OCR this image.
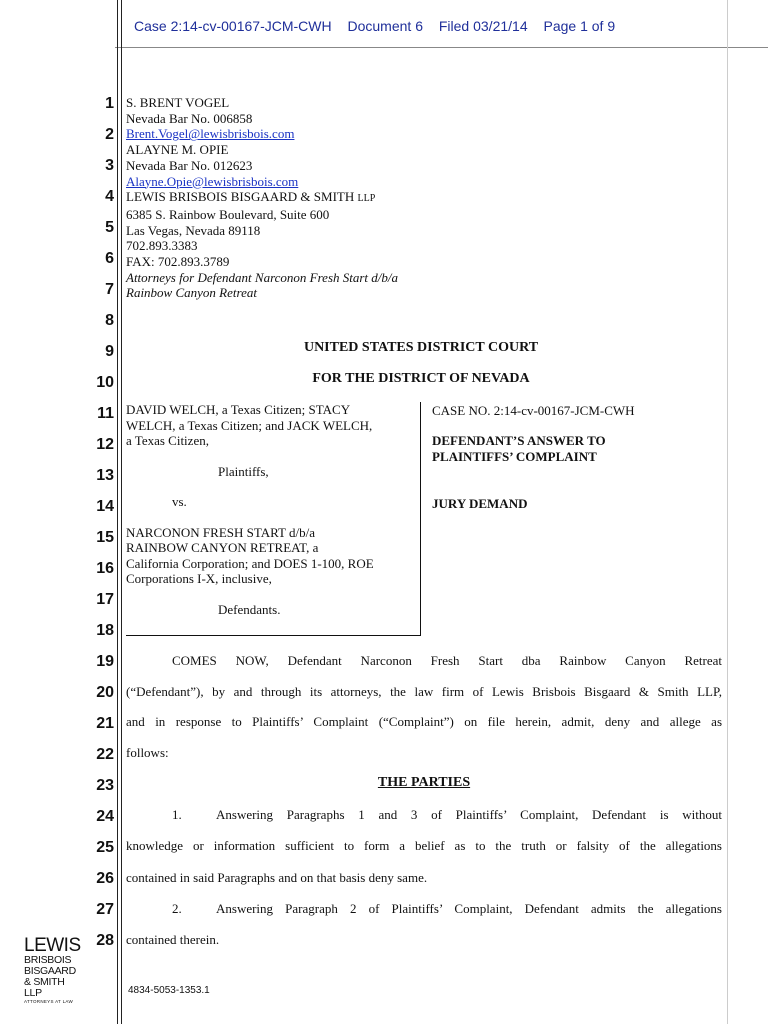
Case 2:14-cv-00167-JCM-CWH Document 6 Filed 03/21/14 Page 1 of 9
1
2
3
4
5
6
7
8
9
10
11
12
13
14
15
16
17
18
19
20
21
22
23
24
25
26
27
28
S. BRENT VOGEL
Nevada Bar No. 006858
Brent.Vogel@lewisbrisbois.com
ALAYNE M. OPIE
Nevada Bar No. 012623
Alayne.Opie@lewisbrisbois.com
LEWIS BRISBOIS BISGAARD & SMITH LLP
6385 S. Rainbow Boulevard, Suite 600
Las Vegas, Nevada 89118
702.893.3383
FAX: 702.893.3789
Attorneys for Defendant Narconon Fresh Start d/b/a
Rainbow Canyon Retreat
UNITED STATES DISTRICT COURT
FOR THE DISTRICT OF NEVADA
DAVID WELCH, a Texas Citizen; STACY
WELCH, a Texas Citizen; and JACK WELCH,
a Texas Citizen,
Plaintiffs,
vs.
NARCONON FRESH START d/b/a
RAINBOW CANYON RETREAT, a
California Corporation; and DOES 1-100, ROE
Corporations I-X, inclusive,
Defendants.
CASE NO. 2:14-cv-00167-JCM-CWH
DEFENDANT’S ANSWER TO
PLAINTIFFS’ COMPLAINT
JURY DEMAND
COMES NOW, Defendant Narconon Fresh Start dba Rainbow Canyon Retreat
(“Defendant”), by and through its attorneys, the law firm of Lewis Brisbois Bisgaard & Smith LLP,
and in response to Plaintiffs’ Complaint (“Complaint”) on file herein, admit, deny and allege as
follows:
THE PARTIES
1.	Answering Paragraphs 1 and 3 of Plaintiffs’ Complaint, Defendant is without
knowledge or information sufficient to form a belief as to the truth or falsity of the allegations
contained in said Paragraphs and on that basis deny same.
2.	Answering Paragraph 2 of Plaintiffs’ Complaint, Defendant admits the allegations
contained therein.
LEWIS
BRISBOIS
BISGAARD
& SMITH LLP
ATTORNEYS AT LAW
4834-5053-1353.1
